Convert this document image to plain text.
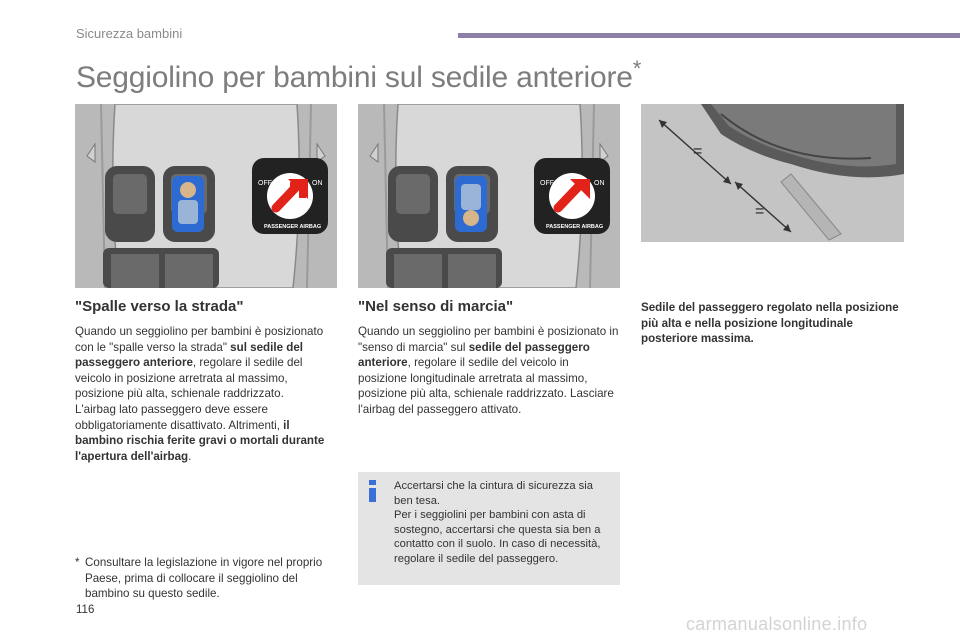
Sicurezza bambini
Seggiolino per bambini sul sedile anteriore*
OFF	ON
PASSENGER AIRBAG
OFF	ON
PASSENGER AIRBAG
=
=
"Spalle verso la strada"

Quando un seggiolino per bambini è posizionato con le "spalle verso la strada" sul sedile del passeggero anteriore, regolare il sedile del veicolo in posizione arretrata al massimo, posizione più alta, schienale raddrizzato.
L'airbag lato passeggero deve essere obbligatoriamente disattivato. Altrimenti, il bambino rischia ferite gravi o mortali durante l'apertura dell'airbag.

"Nel senso di marcia"

Quando un seggiolino per bambini è posizionato in "senso di marcia" sul sedile del passeggero anteriore, regolare il sedile del veicolo in posizione longitudinale arretrata al massimo, posizione più alta, schienale raddrizzato. Lasciare l'airbag del passeggero attivato.

Sedile del passeggero regolato nella posizione più alta e nella posizione longitudinale posteriore massima.

Accertarsi che la cintura di sicurezza sia ben tesa.
Per i seggiolini per bambini con asta di sostegno, accertarsi che questa sia ben a contatto con il suolo. In caso di necessità, regolare il sedile del passeggero.
* Consultare la legislazione in vigore nel proprio Paese, prima di collocare il seggiolino del bambino su questo sedile.
116
carmanualsonline.info
